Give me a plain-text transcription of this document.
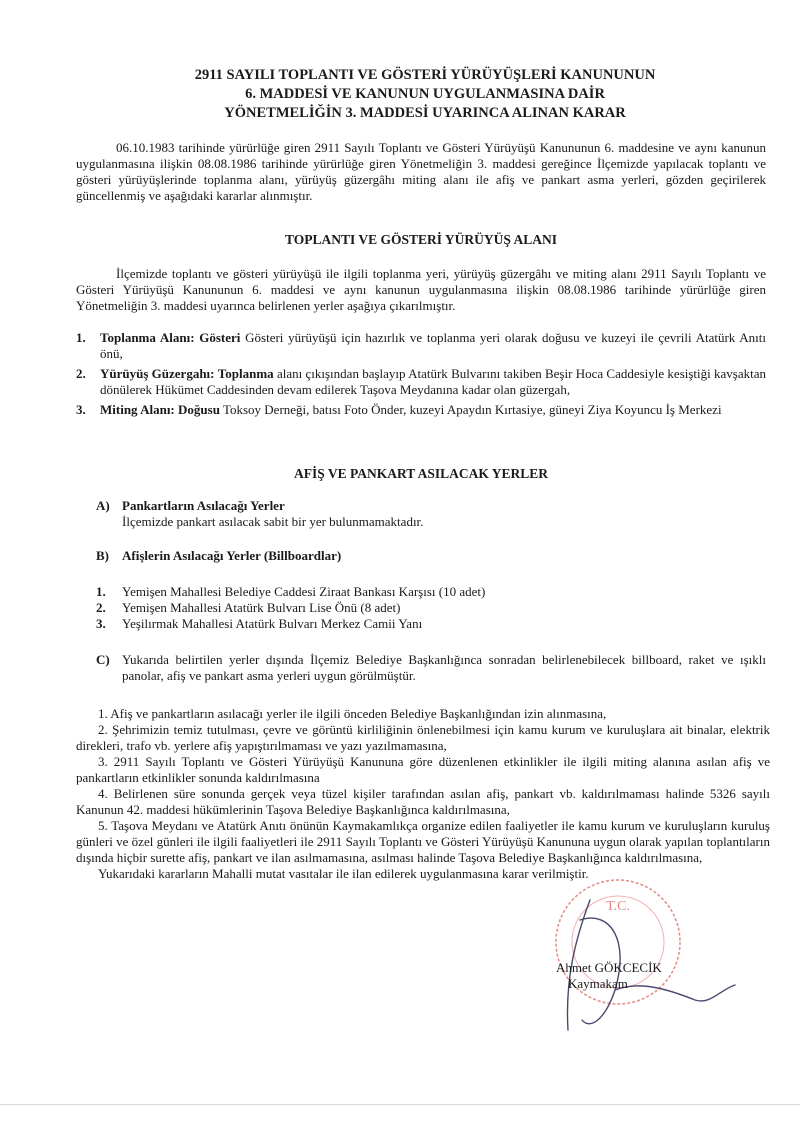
2911 SAYILI TOPLANTI VE GÖSTERİ YÜRÜYÜŞLERİ KANUNUNUN
6. MADDESİ VE KANUNUN UYGULANMASINA DAİR
YÖNETMELİĞİN 3. MADDESİ UYARINCA ALINAN KARAR
06.10.1983 tarihinde yürürlüğe giren 2911 Sayılı Toplantı ve Gösteri Yürüyüşü Kanununun 6. maddesine ve aynı kanunun uygulanmasına ilişkin 08.08.1986 tarihinde yürürlüğe giren Yönetmeliğin 3. maddesi gereğince İlçemizde yapılacak toplantı ve gösteri yürüyüşlerinde toplanma alanı, yürüyüş güzergâhı miting alanı ile afiş ve pankart asma yerleri, gözden geçirilerek güncellenmiş ve aşağıdaki kararlar alınmıştır.
TOPLANTI VE GÖSTERİ YÜRÜYÜŞ ALANI
İlçemizde toplantı ve gösteri yürüyüşü ile ilgili toplanma yeri, yürüyüş güzergâhı ve miting alanı 2911 Sayılı Toplantı ve Gösteri Yürüyüşü Kanununun 6. maddesi ve aynı kanunun uygulanmasına ilişkin 08.08.1986 tarihinde yürürlüğe giren Yönetmeliğin 3. maddesi uyarınca belirlenen yerler aşağıya çıkarılmıştır.
1. Toplanma Alanı: Gösteri Gösteri yürüyüşü için hazırlık ve toplanma yeri olarak doğusu ve kuzeyi ile çevrili Atatürk Anıtı önü,
2. Yürüyüş Güzergahı: Toplanma alanı çıkışından başlayıp Atatürk Bulvarını takiben Beşir Hoca Caddesiyle kesiştiği kavşaktan dönülerek Hükümet Caddesinden devam edilerek Taşova Meydanına kadar olan güzergah,
3. Miting Alanı: Doğusu Toksoy Derneği, batısı Foto Önder, kuzeyi Apaydın Kırtasiye, güneyi Ziya Koyuncu İş Merkezi
AFİŞ VE PANKART ASILACAK YERLER
A) Pankartların Asılacağı Yerler
İlçemizde pankart asılacak sabit bir yer bulunmamaktadır.
B) Afişlerin Asılacağı Yerler (Billboardlar)
1. Yemişen Mahallesi Belediye Caddesi Ziraat Bankası Karşısı (10 adet)
2. Yemişen Mahallesi Atatürk Bulvarı Lise Önü (8 adet)
3. Yeşilırmak Mahallesi Atatürk Bulvarı Merkez Camii Yanı
C) Yukarıda belirtilen yerler dışında İlçemiz Belediye Başkanlığınca sonradan belirlenebilecek billboard, raket ve ışıklı panolar, afiş ve pankart asma yerleri uygun görülmüştür.
1. Afiş ve pankartların asılacağı yerler ile ilgili önceden Belediye Başkanlığından izin alınmasına,
2. Şehrimizin temiz tutulması, çevre ve görüntü kirliliğinin önlenebilmesi için kamu kurum ve kuruluşlara ait binalar, elektrik direkleri, trafo vb. yerlere afiş yapıştırılmaması ve yazı yazılmamasına,
3. 2911 Sayılı Toplantı ve Gösteri Yürüyüşü Kanununa göre düzenlenen etkinlikler ile ilgili miting alanına asılan afiş ve pankartların etkinlikler sonunda kaldırılmasına
4. Belirlenen süre sonunda gerçek veya tüzel kişiler tarafından asılan afiş, pankart vb. kaldırılmaması halinde 5326 sayılı Kanunun 42. maddesi hükümlerinin Taşova Belediye Başkanlığınca kaldırılmasına,
5. Taşova Meydanı ve Atatürk Anıtı önünün Kaymakamlıkça organize edilen faaliyetler ile kamu kurum ve kuruluşların kuruluş günleri ve özel günleri ile ilgili faaliyetleri ile 2911 Sayılı Toplantı ve Gösteri Yürüyüşü Kanununa uygun olarak yapılan toplantıların dışında hiçbir surette afiş, pankart ve ilan asılmamasına, asılması halinde Taşova Belediye Başkanlığınca kaldırılmasına,
Yukarıdaki kararların Mahalli mutat vasıtalar ile ilan edilerek uygulanmasına karar verilmiştir.
T.C.
Ahmet GÖKCECİK
Kaymakam
